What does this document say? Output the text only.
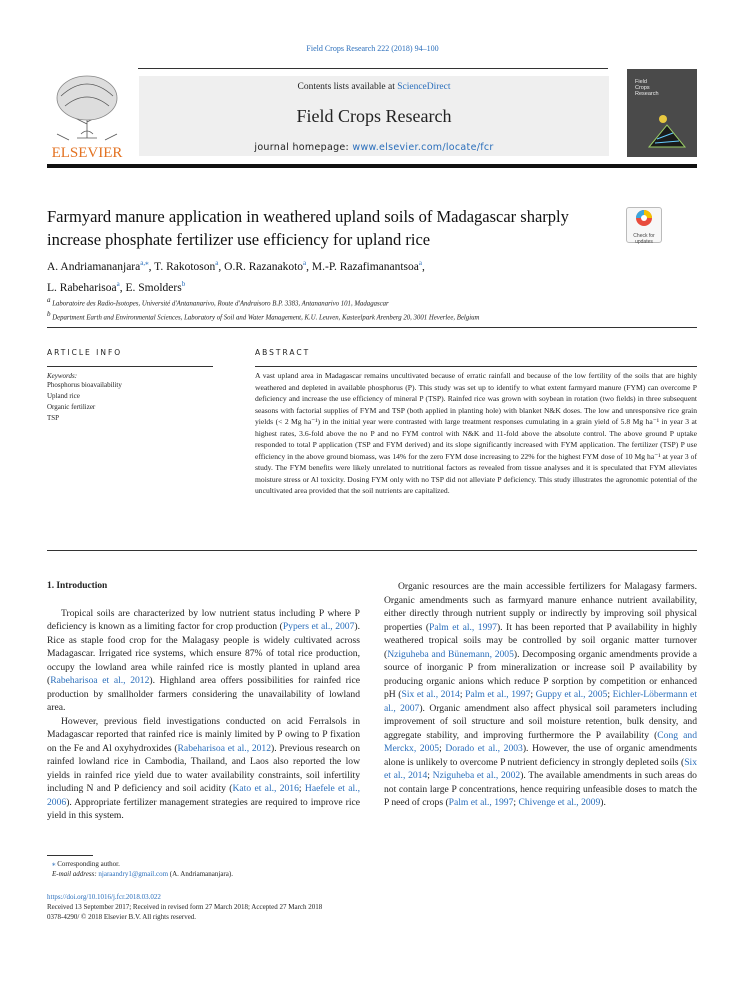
Field Crops Research 222 (2018) 94–100
ELSEVIER
Contents lists available at ScienceDirect
Field Crops Research
journal homepage: www.elsevier.com/locate/fcr
Field
Crops
Research
Farmyard manure application in weathered upland soils of Madagascar sharply increase phosphate fertilizer use efficiency for upland rice	Check for
updates
A. Andriamananjara$^{a,⁎}$, T. Rakotoson$^a$, O.R. Razanakoto$^a$, M.-P. Razafimanantsoa$^a$,
L. Rabeharisoa$^a$, E. Smolders$^b$
$^a$ Laboratoire des Radio-Isotopes, Université d'Antananarivo, Route d'Andraisoro B.P. 3383, Antananarivo 101, Madagascar
$^b$ Department Earth and Environmental Sciences, Laboratory of Soil and Water Management, K.U. Leuven, Kasteelpark Arenberg 20, 3001 Heverlee, Belgium
ARTICLE INFO
Keywords:
Phosphorus bioavailability
Upland rice
Organic fertilizer
TSP
ABSTRACT
A vast upland area in Madagascar remains uncultivated because of erratic rainfall and because of the low fertility of the soils that are highly weathered and depleted in available phosphorus (P). This study was set up to identify to what extent farmyard manure (FYM) can overcome P deficiency and increase the use efficiency of mineral P (TSP). Rainfed rice was grown with soybean in rotation (two fields) in three subsequent seasons with factorial supplies of FYM and TSP (both applied in planting hole) with blanket N&K doses. The low and unresponsive rice grain yields (< 2 Mg ha⁻¹) in the initial year were contrasted with large treatment responses cumulating in a grain yield of 5.8 Mg ha⁻¹ in year 3 at highest rates, 3.6-fold above the no P and no FYM control with N&K and 11-fold above the absolute control. The above ground P uptake responded to total P application (TSP and FYM derived) and its slope significantly increased with FYM application. The fertilizer (TSP) P use efficiency in the above ground biomass, was 14% for the zero FYM dose increasing to 22% for the highest FYM dose of 10 Mg ha⁻¹ at year 3 of study. The FYM benefits were likely unrelated to nutritional factors as revealed from tissue analyses and it is speculated that FYM alleviates moisture stress or Al toxicity. Dosing FYM only with no TSP did not alleviate P deficiency. This study illustrates the agronomic potential of the uncultivated area provided that the soil nutrients are capitalized.

1. Introduction

Tropical soils are characterized by low nutrient status including P where P deficiency is known as a limiting factor for crop production (Pypers et al., 2007). Rice as staple food crop for the Malagasy people is widely cultivated across Madagascar. Irrigated rice systems, which ensure 87% of total rice production, occupy the lowland area while rainfed rice is mostly planted in upland area (Rabeharisoa et al., 2012). Highland area offers possibilities for rainfed rice production by smallholder farmers considering the unavailability of lowland area.

However, previous field investigations conducted on acid Ferralsols in Madagascar reported that rainfed rice is mainly limited by P owing to P fixation on the Fe and Al oxyhydroxides (Rabeharisoa et al., 2012). Previous research on rainfed lowland rice in Cambodia, Thailand, and Laos also reported the low yields in rainfed rice yield due to water availability constraints, soil infertility including N and P deficiency and soil acidity (Kato et al., 2016; Haefele et al., 2006). Appropriate fertilizer management strategies are required to improve rice yield in this system.

Organic resources are the main accessible fertilizers for Malagasy farmers. Organic amendments such as farmyard manure enhance nutrient availability, either directly through nutrient supply or indirectly by improving soil physical properties (Palm et al., 1997). It has been reported that P availability in highly weathered tropical soils may be controlled by soil organic matter turnover (Nziguheba and Bünemann, 2005). Decomposing organic amendments provide a source of inorganic P from mineralization or increase soil P availability by producing organic anions which reduce P sorption by competition or enhanced pH (Six et al., 2014; Palm et al., 1997; Guppy et al., 2005; Eichler-Löbermann et al., 2007). Organic amendment also affect physical soil parameters including improvement of soil structure and soil moisture retention, bulk density, and aggregate stability, and improving furthermore the P availability (Cong and Merckx, 2005; Dorado et al., 2003). However, the use of organic amendments alone is unlikely to overcome P nutrient deficiency in strongly depleted soils (Six et al., 2014; Nziguheba et al., 2002). The available amendments in such areas do not contain large P concentrations, hence requiring unfeasible doses to match the P need of crops (Palm et al., 1997; Chivenge et al., 2009).

⁎ Corresponding author.
E-mail address: njaraandry1@gmail.com (A. Andriamananjara).
https://doi.org/10.1016/j.fcr.2018.03.022
Received 13 September 2017; Received in revised form 27 March 2018; Accepted 27 March 2018
0378-4290/ © 2018 Elsevier B.V. All rights reserved.
